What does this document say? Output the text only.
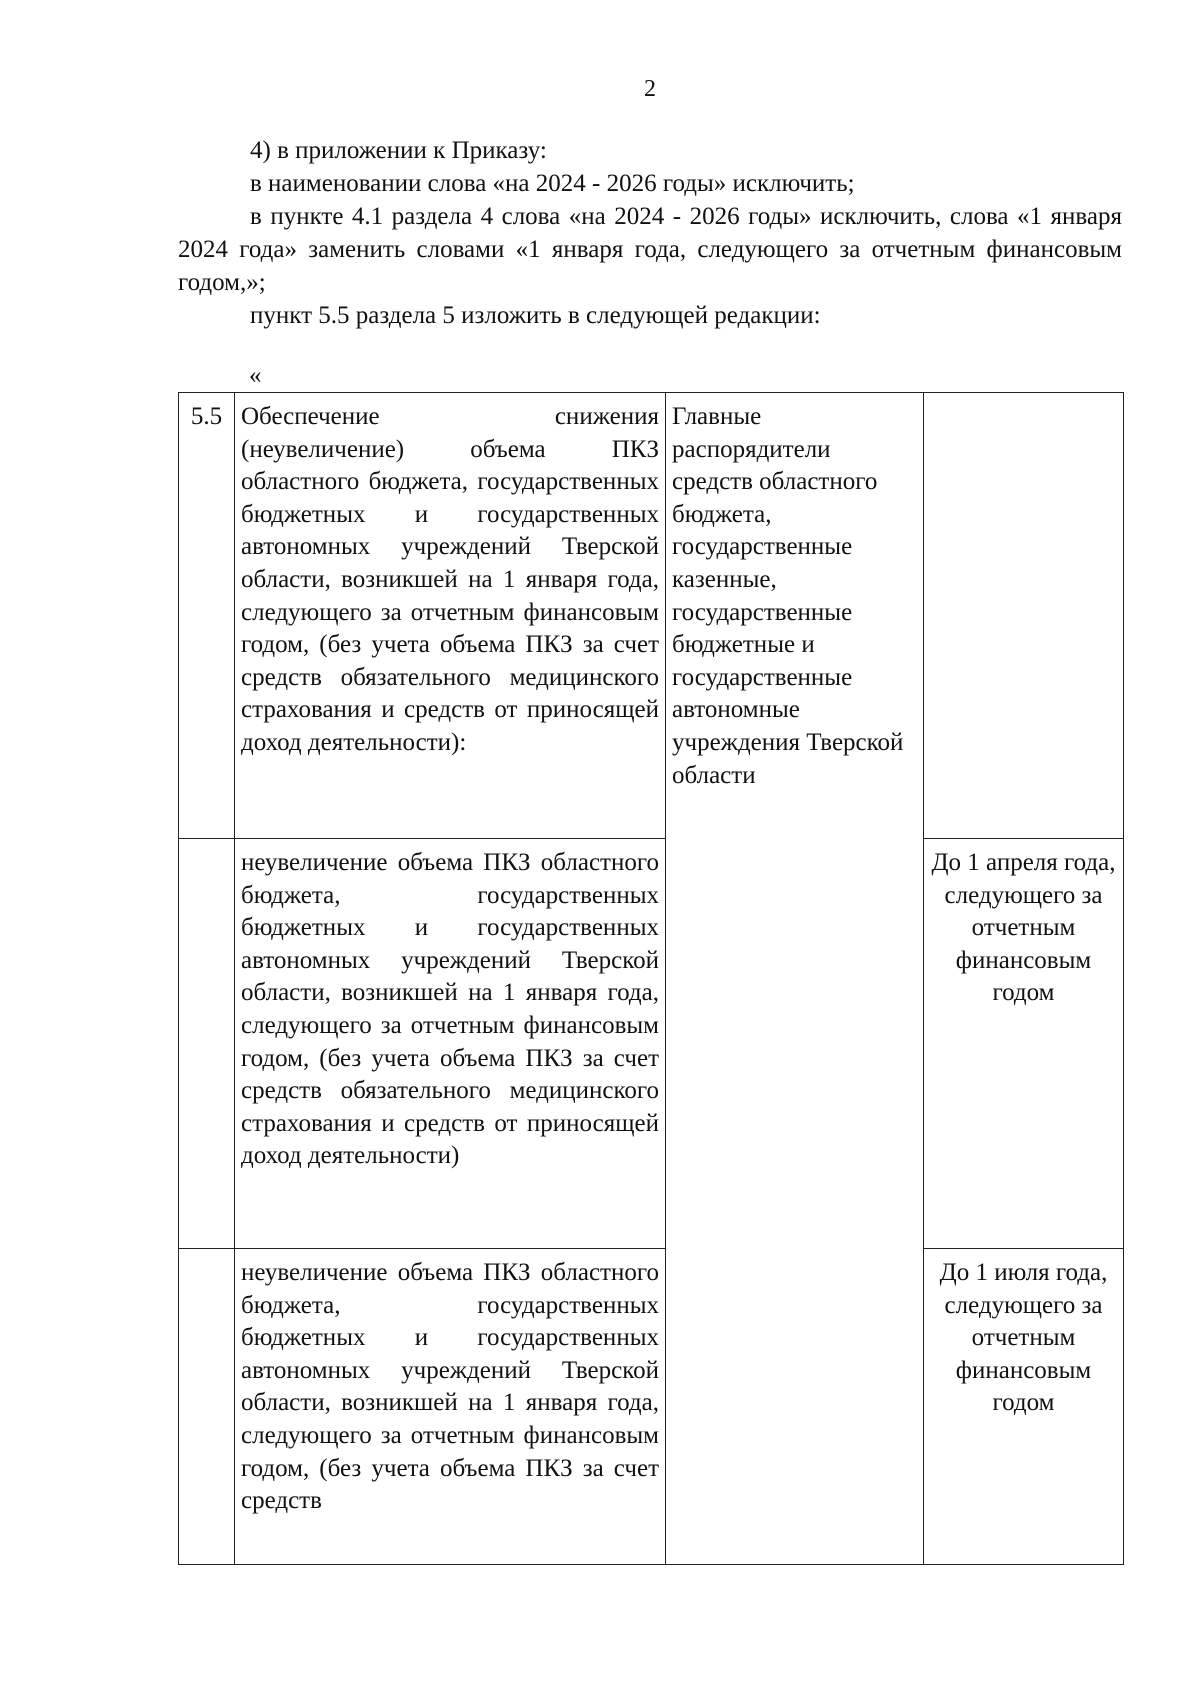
2

4) в приложении к Приказу:

в наименовании слова «на 2024 - 2026 годы» исключить;

в пункте 4.1 раздела 4 слова «на 2024 - 2026 годы» исключить, слова «1 января 2024 года» заменить словами «1 января года, следующего за отчетным финансовым годом,»;

пункт 5.5 раздела 5 изложить в следующей редакции:

«
5.5	Обеспечение снижения (неувеличение) объема ПКЗ областного бюджета, государственных бюджетных и государственных автономных учреждений Тверской области, возникшей на 1 января года, следующего за отчетным финансовым годом, (без учета объема ПКЗ за счет средств обязательного медицинского страхования и средств от приносящей доход деятельности):	Главные распорядители средств областного бюджета, государственные казенные, государственные бюджетные и государственные автономные учреждения Тверской области	
	неувеличение объема ПКЗ областного бюджета, государственных бюджетных и государственных автономных учреждений Тверской области, возникшей на 1 января года, следующего за отчетным финансовым годом, (без учета объема ПКЗ за счет средств обязательного медицинского страхования и средств от приносящей доход деятельности)		До 1 апреля года, следующего за отчетным финансовым годом
	неувеличение объема ПКЗ областного бюджета, государственных бюджетных и государственных автономных учреждений Тверской области, возникшей на 1 января года, следующего за отчетным финансовым годом, (без учета объема ПКЗ за счет средств		До 1 июля года, следующего за отчетным финансовым годом
